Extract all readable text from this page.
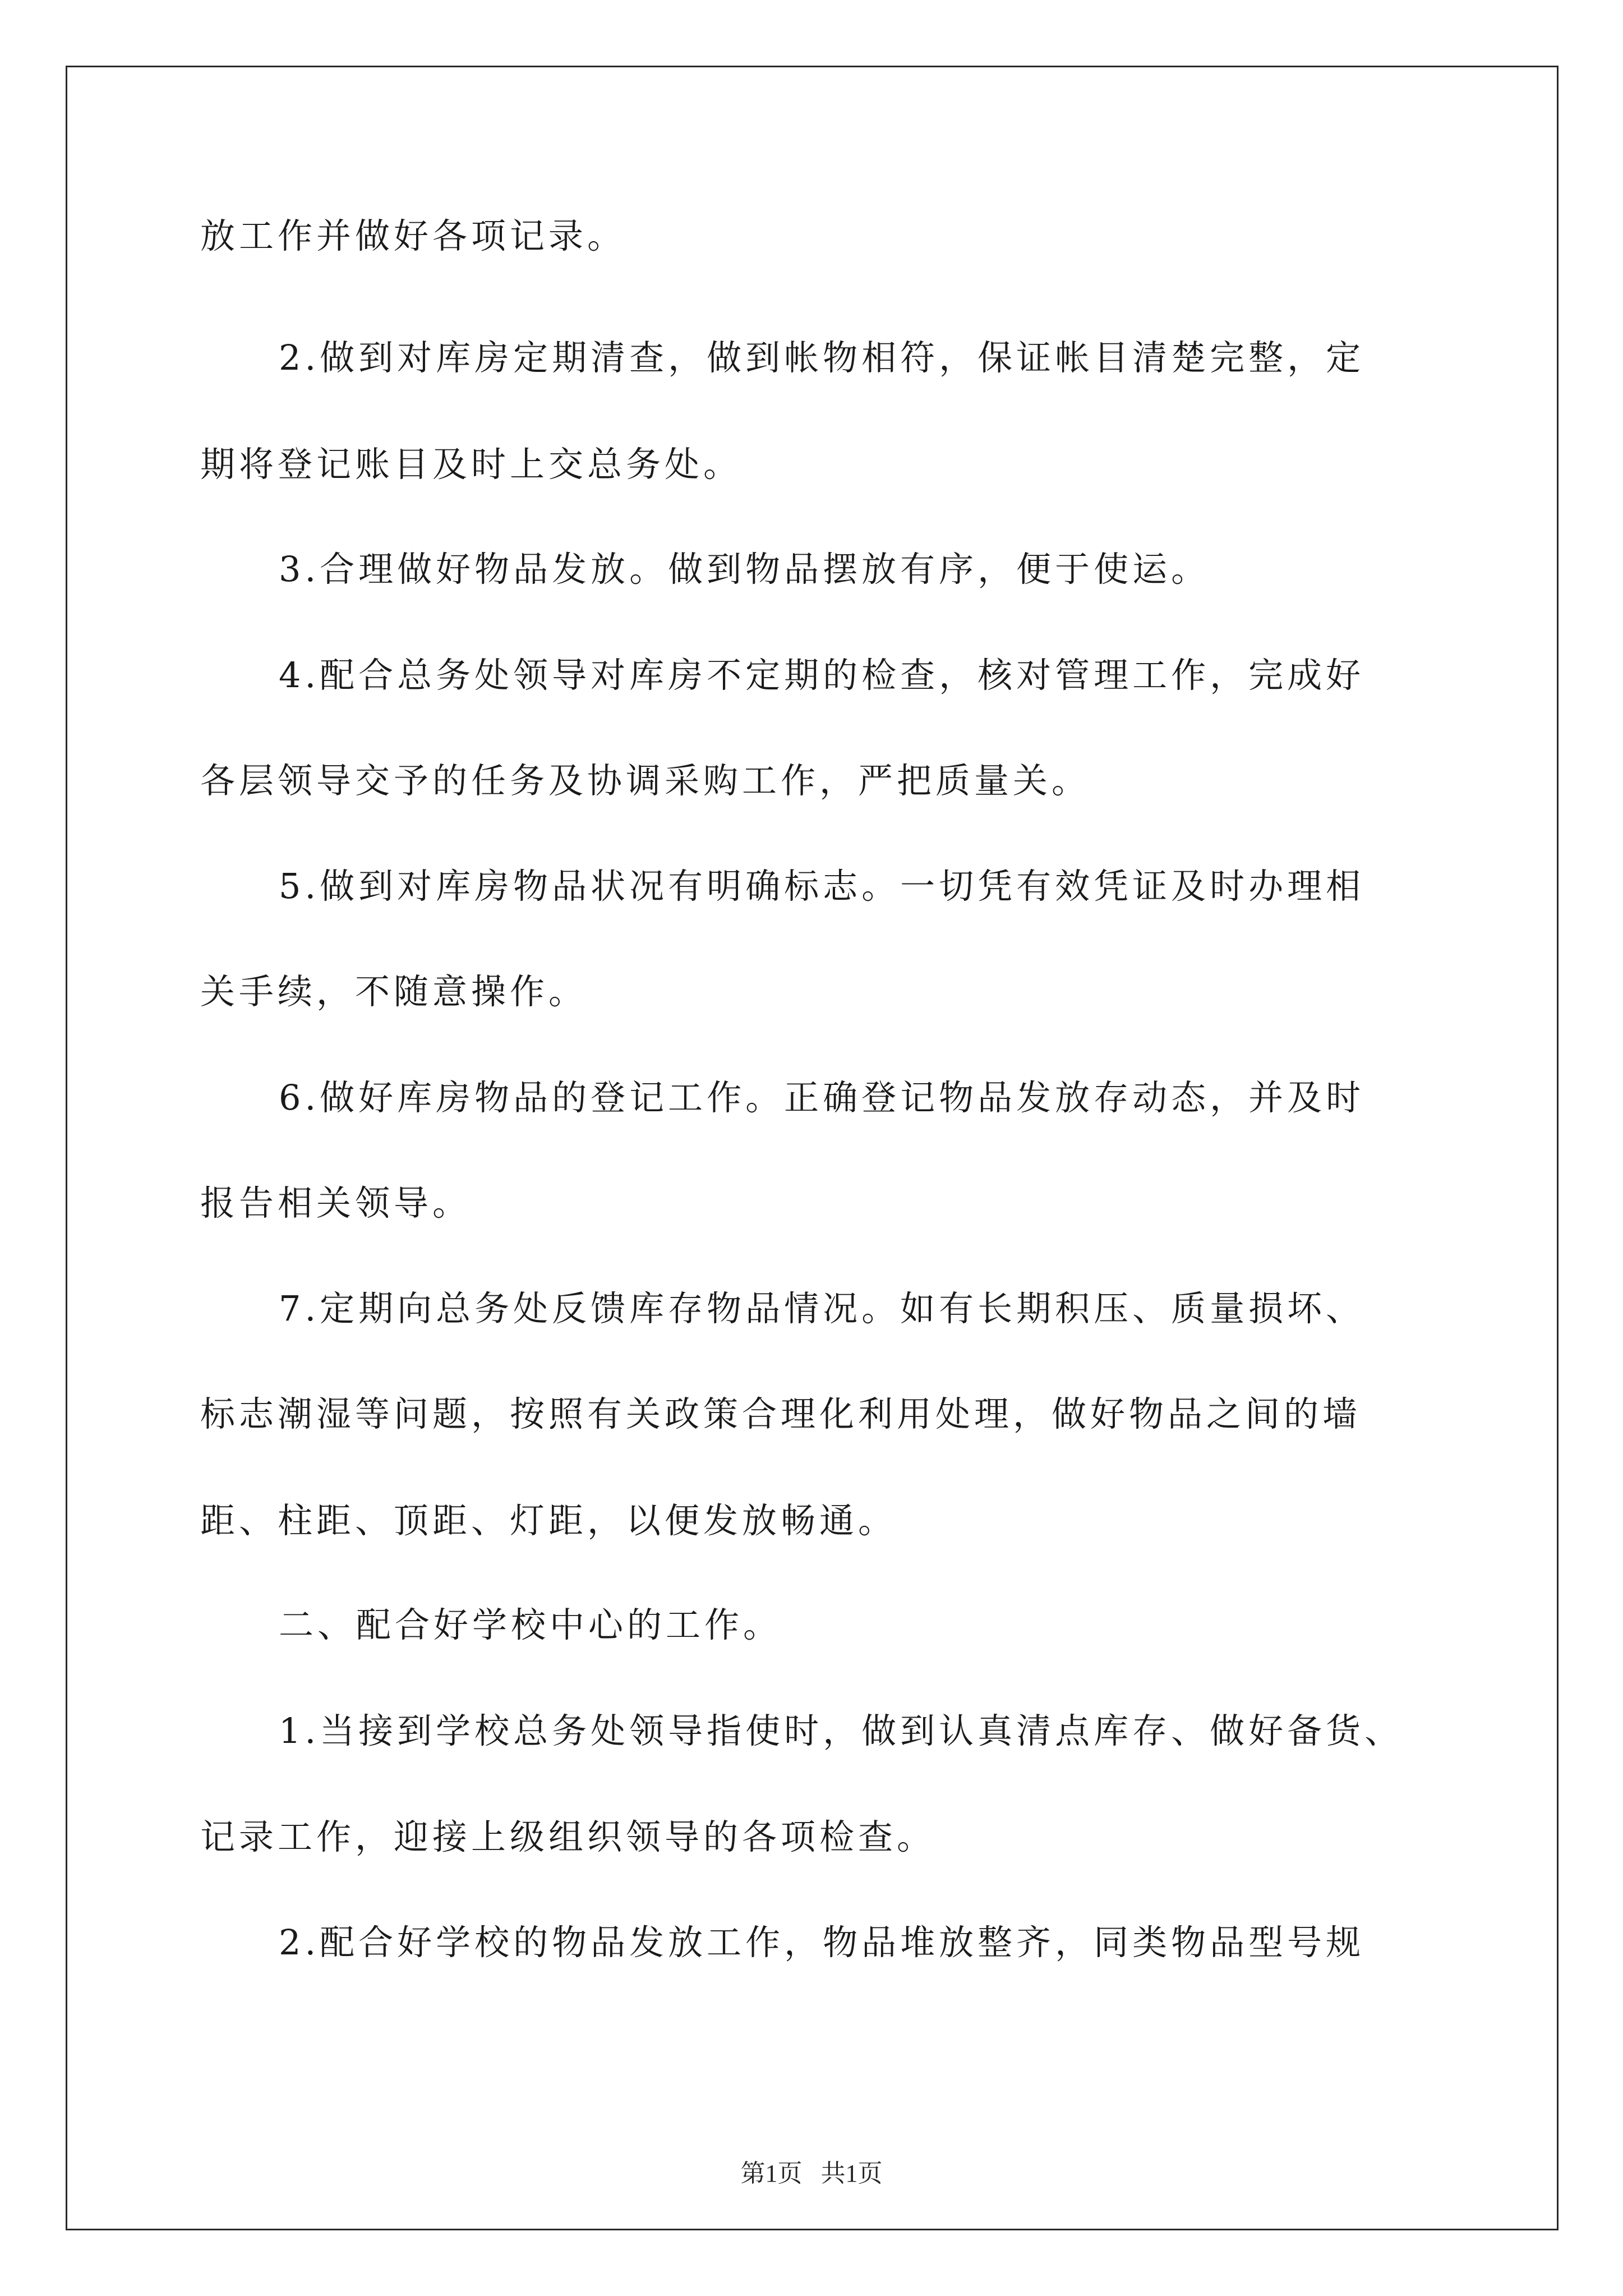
放工作并做好各项记录。
2.做到对库房定期清查，做到帐物相符，保证帐目清楚完整，定
期将登记账目及时上交总务处。
3.合理做好物品发放。做到物品摆放有序，便于使运。
4.配合总务处领导对库房不定期的检查，核对管理工作，完成好
各层领导交予的任务及协调采购工作，严把质量关。
5.做到对库房物品状况有明确标志。一切凭有效凭证及时办理相
关手续，不随意操作。
6.做好库房物品的登记工作。正确登记物品发放存动态，并及时
报告相关领导。
7.定期向总务处反馈库存物品情况。如有长期积压、质量损坏、
标志潮湿等问题，按照有关政策合理化利用处理，做好物品之间的墙
距、柱距、顶距、灯距，以便发放畅通。
二、配合好学校中心的工作。
1.当接到学校总务处领导指使时，做到认真清点库存、做好备货、
记录工作，迎接上级组织领导的各项检查。
2.配合好学校的物品发放工作，物品堆放整齐，同类物品型号规
第1页   共1页
